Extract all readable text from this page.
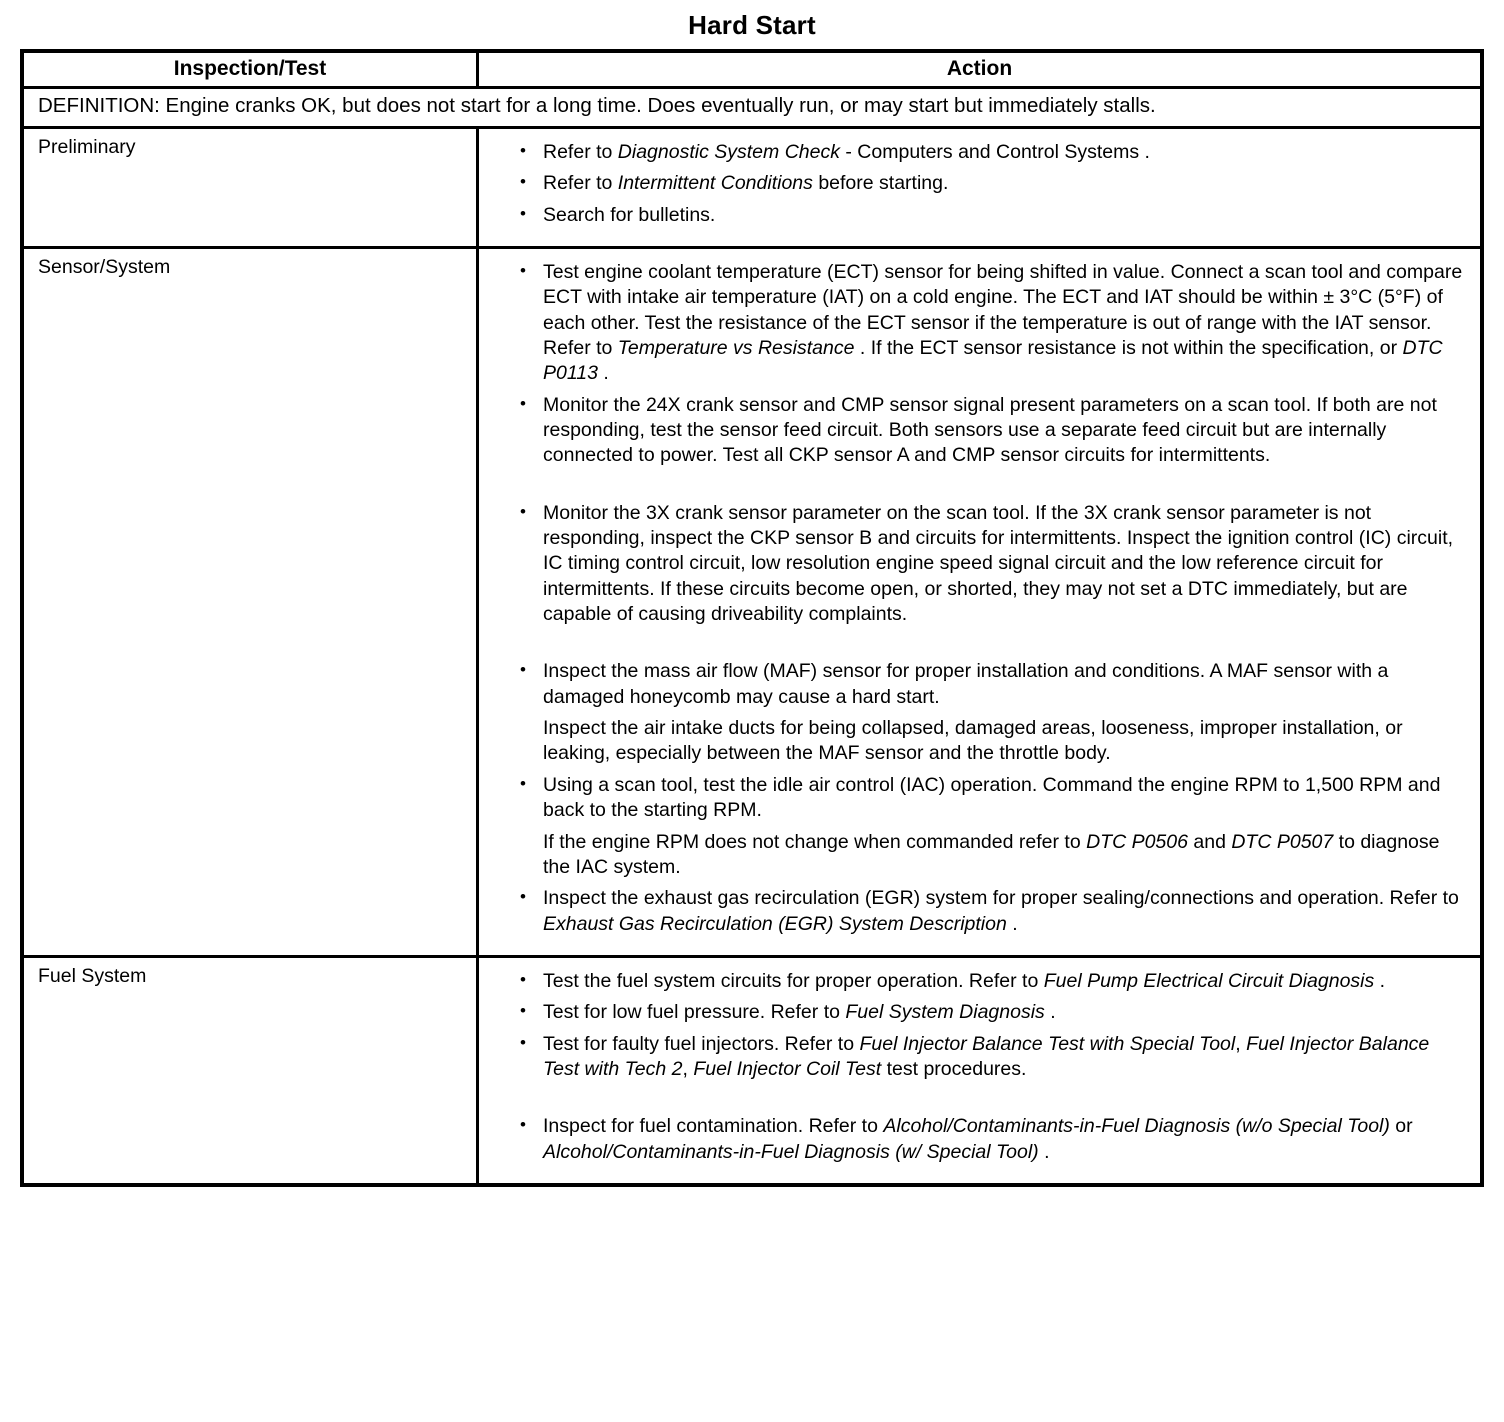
Hard Start
Inspection/Test	Action
DEFINITION: Engine cranks OK, but does not start for a long time. Does eventually run, or may start but immediately stalls.	
Preliminary	• Refer to Diagnostic System Check - Computers and Control Systems .
• Refer to Intermittent Conditions before starting.
• Search for bulletins.

Sensor/System	• Test engine coolant temperature (ECT) sensor for being shifted in value. Connect a scan tool and compare ECT with intake air temperature (IAT) on a cold engine. The ECT and IAT should be within ± 3°C (5°F) of each other. Test the resistance of the ECT sensor if the temperature is out of range with the IAT sensor. Refer to Temperature vs Resistance . If the ECT sensor resistance is not within the specification, or DTC P0113 .
• Monitor the 24X crank sensor and CMP sensor signal present parameters on a scan tool. If both are not responding, test the sensor feed circuit. Both sensors use a separate feed circuit but are internally connected to power. Test all CKP sensor A and CMP sensor circuits for intermittents.
• Monitor the 3X crank sensor parameter on the scan tool. If the 3X crank sensor parameter is not responding, inspect the CKP sensor B and circuits for intermittents. Inspect the ignition control (IC) circuit, IC timing control circuit, low resolution engine speed signal circuit and the low reference circuit for intermittents. If these circuits become open, or shorted, they may not set a DTC immediately, but are capable of causing driveability complaints.
• Inspect the mass air flow (MAF) sensor for proper installation and conditions. A MAF sensor with a damaged honeycomb may cause a hard start.
Inspect the air intake ducts for being collapsed, damaged areas, looseness, improper installation, or leaking, especially between the MAF sensor and the throttle body.
• Using a scan tool, test the idle air control (IAC) operation. Command the engine RPM to 1,500 RPM and back to the starting RPM.
If the engine RPM does not change when commanded refer to DTC P0506 and DTC P0507 to diagnose the IAC system.
• Inspect the exhaust gas recirculation (EGR) system for proper sealing/connections and operation. Refer to Exhaust Gas Recirculation (EGR) System Description .

Fuel System	• Test the fuel system circuits for proper operation. Refer to Fuel Pump Electrical Circuit Diagnosis .
• Test for low fuel pressure. Refer to Fuel System Diagnosis .
• Test for faulty fuel injectors. Refer to Fuel Injector Balance Test with Special Tool, Fuel Injector Balance Test with Tech 2, Fuel Injector Coil Test test procedures.
• Inspect for fuel contamination. Refer to Alcohol/Contaminants-in-Fuel Diagnosis (w/o Special Tool) or Alcohol/Contaminants-in-Fuel Diagnosis (w/ Special Tool) .
